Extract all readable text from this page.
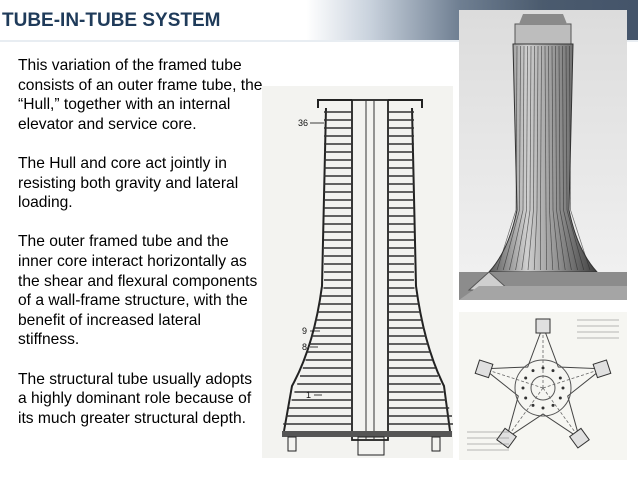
TUBE-IN-TUBE SYSTEM

This variation of the framed tube consists of an outer frame tube, the “Hull,” together with an internal elevator and service core.

The Hull and core act jointly in resisting both gravity and lateral loading.

The outer framed tube and the inner core interact horizontally as the shear and flexural components of a wall-frame structure, with the benefit of increased lateral stiffness.

The structural tube usually adopts a highly dominant role because of its much greater structural depth.

36
9
8
1
